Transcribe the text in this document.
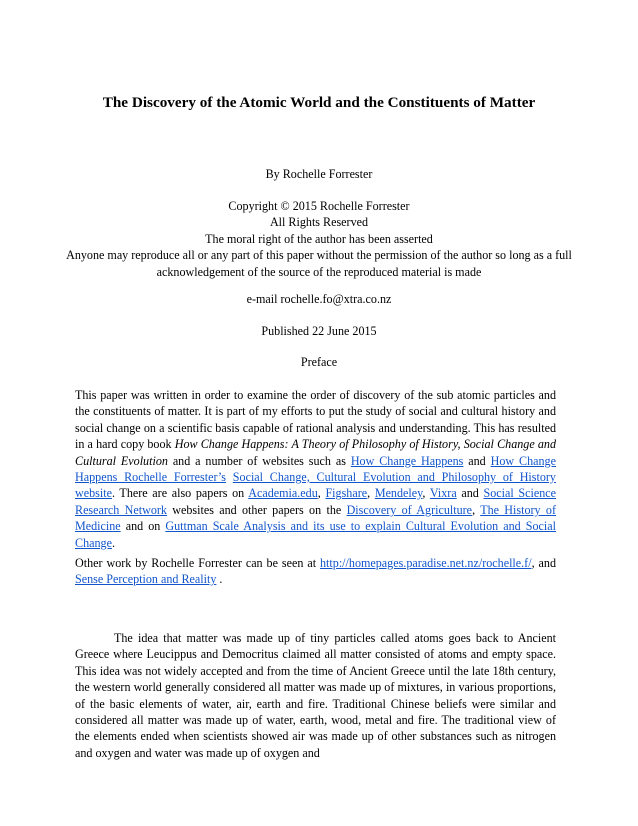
The Discovery of the Atomic World and the Constituents of Matter
By Rochelle Forrester
Copyright © 2015 Rochelle Forrester
All Rights Reserved
The moral right of the author has been asserted
Anyone may reproduce all or any part of this paper without the permission of the author so long as a full
acknowledgement of the source of the reproduced material is made
e-mail rochelle.fo@xtra.co.nz
Published 22 June 2015
Preface

This paper was written in order to examine the order of discovery of the sub atomic particles and the constituents of matter. It is part of my efforts to put the study of social and cultural history and social change on a scientific basis capable of rational analysis and understanding. This has resulted in a hard copy book How Change Happens: A Theory of Philosophy of History, Social Change and Cultural Evolution and a number of websites such as How Change Happens and How Change Happens Rochelle Forrester’s Social Change, Cultural Evolution and Philosophy of History website. There are also papers on Academia.edu, Figshare, Mendeley, Vixra and Social Science Research Network websites and other papers on the Discovery of Agriculture, The History of Medicine and on Guttman Scale Analysis and its use to explain Cultural Evolution and Social Change.

Other work by Rochelle Forrester can be seen at http://homepages.paradise.net.nz/rochelle.f/, and Sense Perception and Reality .

The idea that matter was made up of tiny particles called atoms goes back to Ancient Greece where Leucippus and Democritus claimed all matter consisted of atoms and empty space. This idea was not widely accepted and from the time of Ancient Greece until the late 18th century, the western world generally considered all matter was made up of mixtures, in various proportions, of the basic elements of water, air, earth and fire. Traditional Chinese beliefs were similar and considered all matter was made up of water, earth, wood, metal and fire. The traditional view of the elements ended when scientists showed air was made up of other substances such as nitrogen and oxygen and water was made up of oxygen and
